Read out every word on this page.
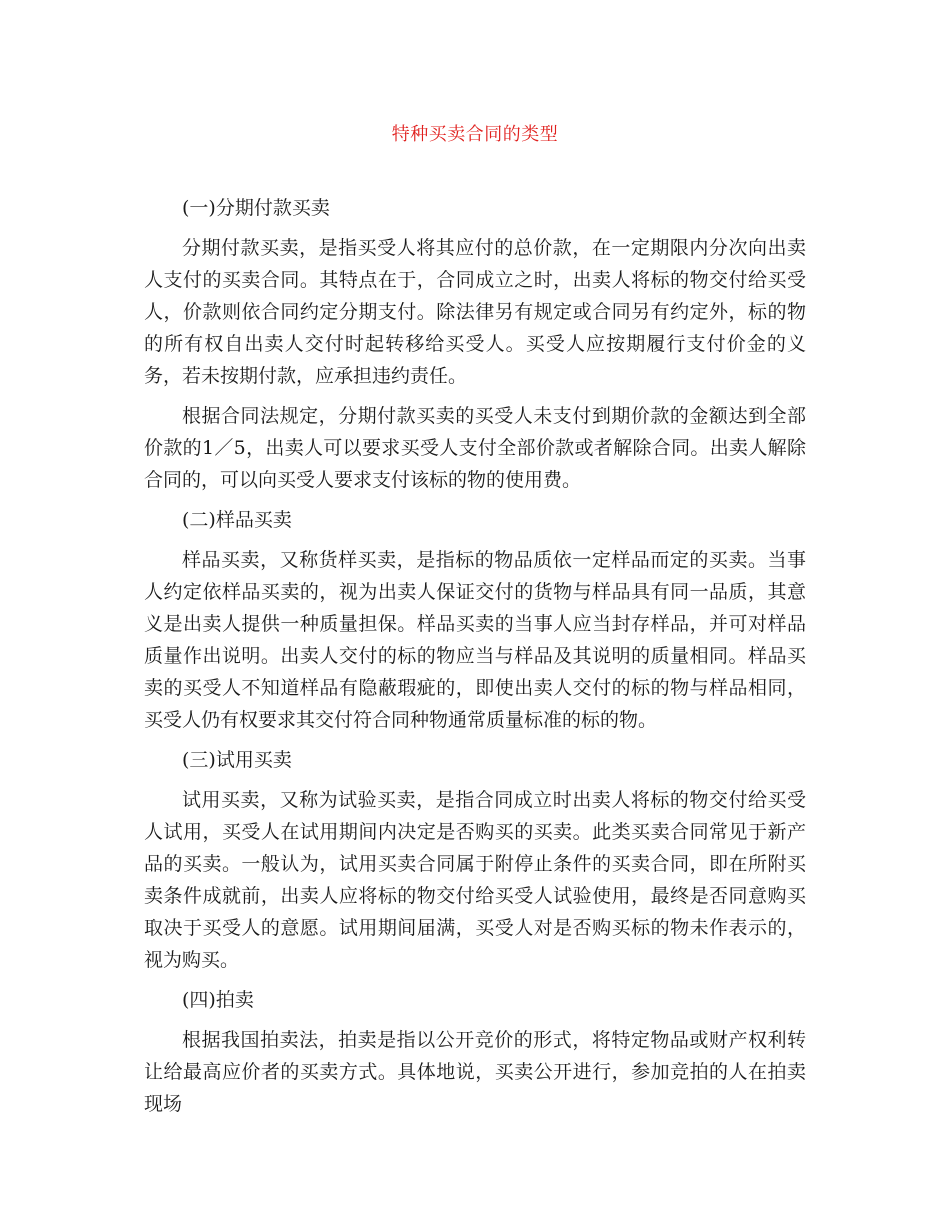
特种买卖合同的类型
(一)分期付款买卖

分期付款买卖，是指买受人将其应付的总价款，在一定期限内分次向出卖人支付的买卖合同。其特点在于，合同成立之时，出卖人将标的物交付给买受人，价款则依合同约定分期支付。除法律另有规定或合同另有约定外，标的物的所有权自出卖人交付时起转移给买受人。买受人应按期履行支付价金的义务，若未按期付款，应承担违约责任。

根据合同法规定，分期付款买卖的买受人未支付到期价款的金额达到全部价款的1／5，出卖人可以要求买受人支付全部价款或者解除合同。出卖人解除合同的，可以向买受人要求支付该标的物的使用费。

(二)样品买卖

样品买卖，又称货样买卖，是指标的物品质依一定样品而定的买卖。当事人约定依样品买卖的，视为出卖人保证交付的货物与样品具有同一品质，其意义是出卖人提供一种质量担保。样品买卖的当事人应当封存样品，并可对样品质量作出说明。出卖人交付的标的物应当与样品及其说明的质量相同。样品买卖的买受人不知道样品有隐蔽瑕疵的，即使出卖人交付的标的物与样品相同，买受人仍有权要求其交付符合同种物通常质量标准的标的物。

(三)试用买卖

试用买卖，又称为试验买卖，是指合同成立时出卖人将标的物交付给买受人试用，买受人在试用期间内决定是否购买的买卖。此类买卖合同常见于新产品的买卖。一般认为，试用买卖合同属于附停止条件的买卖合同，即在所附买卖条件成就前，出卖人应将标的物交付给买受人试验使用，最终是否同意购买取决于买受人的意愿。试用期间届满，买受人对是否购买标的物未作表示的，视为购买。

(四)拍卖

根据我国拍卖法，拍卖是指以公开竞价的形式，将特定物品或财产权利转让给最高应价者的买卖方式。具体地说，买卖公开进行，参加竞拍的人在拍卖现场
